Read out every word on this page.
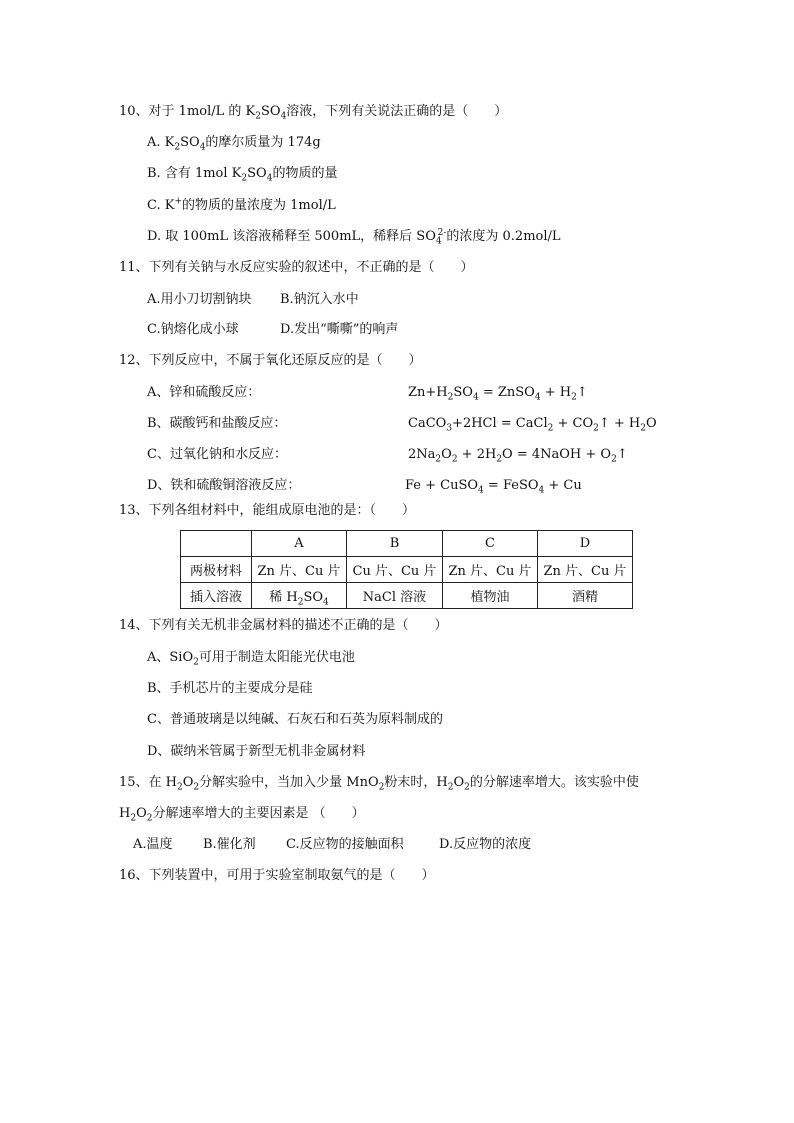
10、对于 1mol/L 的 $K_2SO_4$溶液，下列有关说法正确的是（　　）
A. $K_2SO_4$的摩尔质量为 174g
B. 含有 1mol $K_2SO_4$的物质的量
C. K+的物质的量浓度为 1mol/L
D. 取 100mL 该溶液稀释至 500mL，稀释后 $SO_4^{2-}$的浓度为 0.2mol/L
11、下列有关钠与水反应实验的叙述中，不正确的是（　　）
A.用小刀切割钠块 B.钠沉入水中
C.钠熔化成小球	D.发出“嘶嘶”的响声
12、下列反应中，不属于氧化还原反应的是（　　）
A、锌和硫酸反应：	$Zn+H_2SO_4$ = ZnSO$_4$ + $H_2↑$
B、碳酸钙和盐酸反应：	CaCO$_3$+2HCl = CaCl$_2$ + $CO_2↑ + H_2O$
C、过氧化钠和水反应：	$2Na_2O_2 + 2H_2O$ = 4NaOH + $O_2↑$
D、铁和硫酸铜溶液反应：	Fe + CuSO$_4$ = FeSO$_4$ + Cu
13、下列各组材料中，能组成原电池的是：（　　）
	A	B	C	D
两极材料	Zn 片、Cu 片	Cu 片、Cu 片	Zn 片、Cu 片	Zn 片、Cu 片
插入溶液	稀 $H_2SO_4$	NaCl 溶液	植物油	酒精
14、下列有关无机非金属材料的描述不正确的是（　　）
A、SiO$_2$可用于制造太阳能光伏电池
B、手机芯片的主要成分是硅
C、普通玻璃是以纯碱、石灰石和石英为原料制成的
D、碳纳米管属于新型无机非金属材料
15、在 $H_2O_2$分解实验中，当加入少量 MnO$_2$粉末时，$H_2O_2$的分解速率增大。该实验中使
$H_2O_2$分解速率增大的主要因素是 （　　）
A.温度 B.催化剂 C.反应物的接触面积	D.反应物的浓度
16、下列装置中，可用于实验室制取氨气的是（　　）
